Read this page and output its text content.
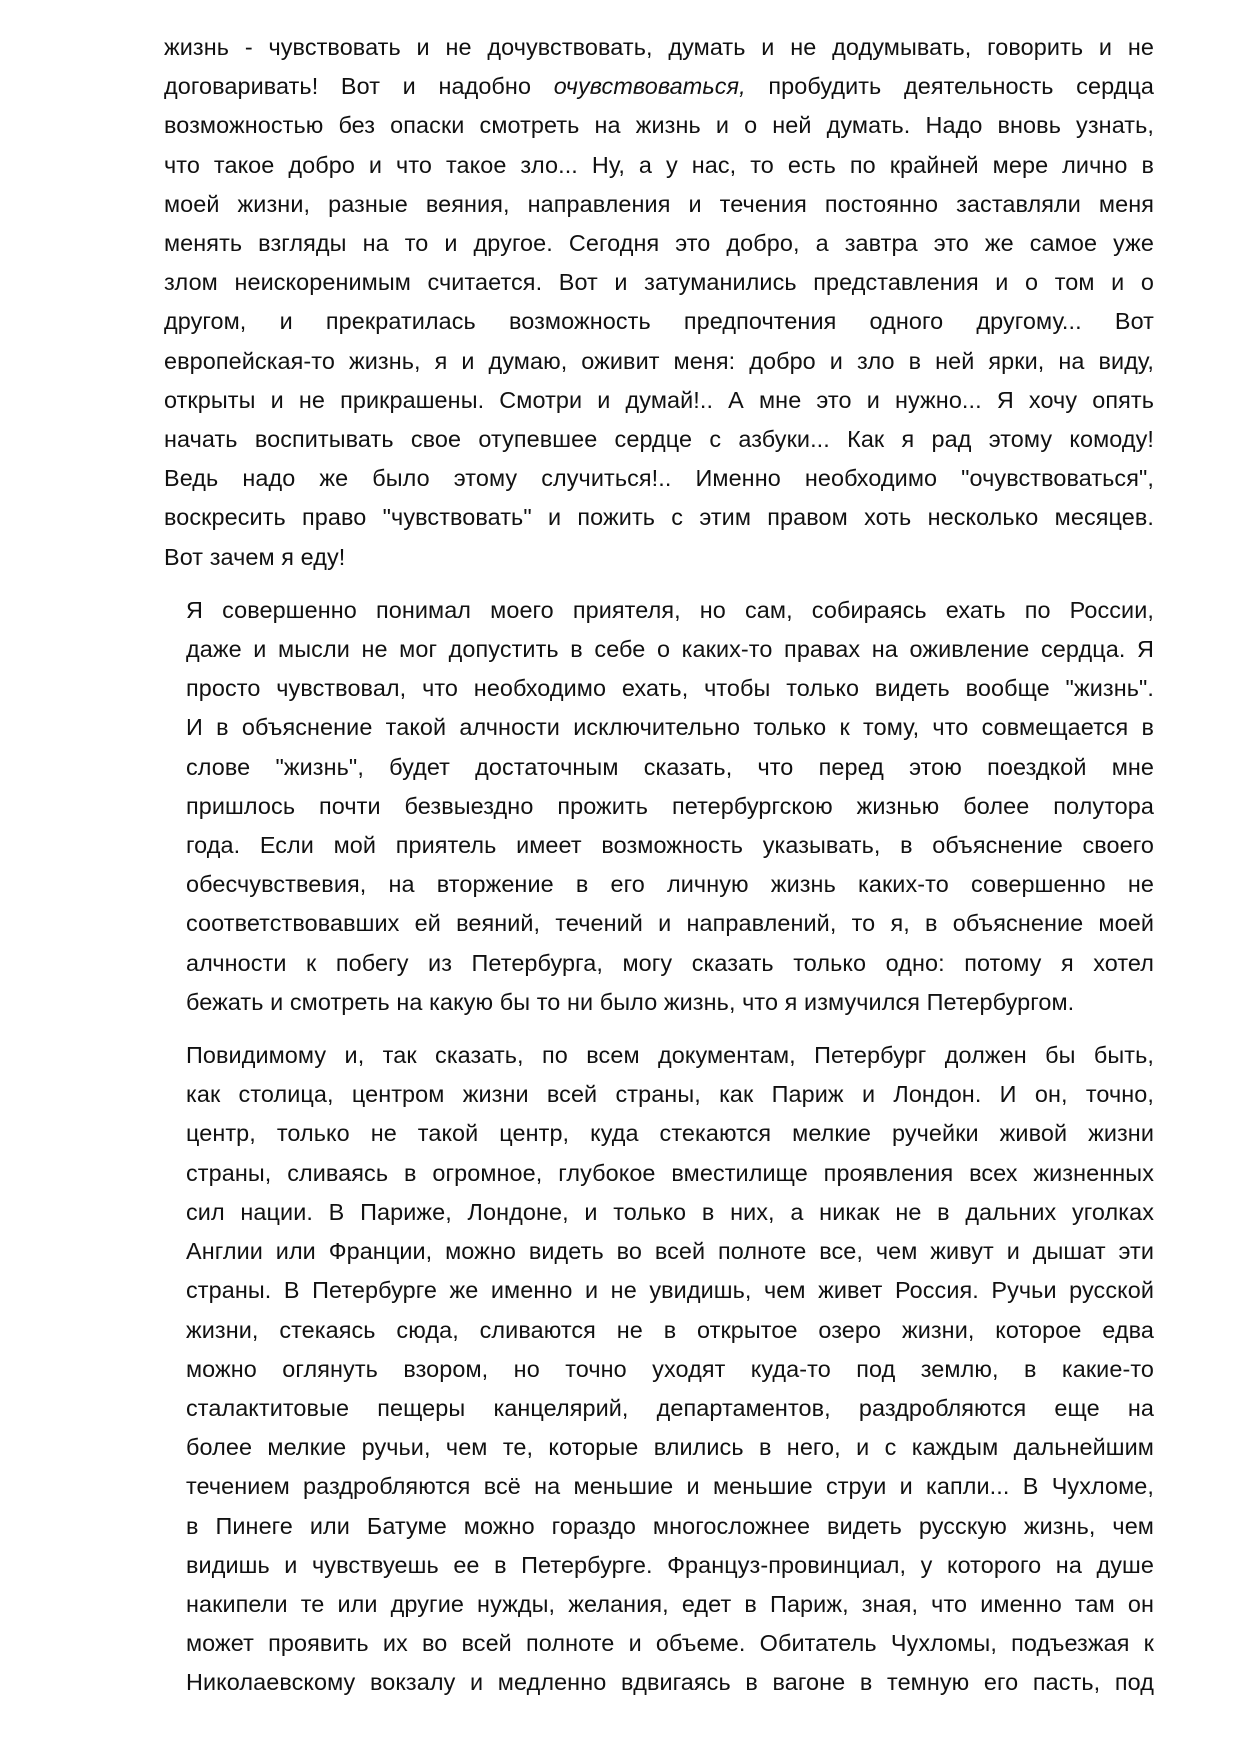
жизнь - чувствовать и не дочувствовать, думать и не додумывать, говорить и не
договаривать! Вот и надобно очувствоваться, пробудить деятельность сердца
возможностью без опаски смотреть на жизнь и о ней думать. Надо вновь узнать,
что такое добро и что такое зло... Ну, а у нас, то есть по крайней мере лично в
моей жизни, разные веяния, направления и течения постоянно заставляли меня
менять взгляды на то и другое. Сегодня это добро, а завтра это же самое уже
злом неискоренимым считается. Вот и затуманились представления и о том и о
другом, и прекратилась возможность предпочтения одного другому... Вот
европейская-то жизнь, я и думаю, оживит меня: добро и зло в ней ярки, на виду,
открыты и не прикрашены. Смотри и думай!.. А мне это и нужно... Я хочу опять
начать воспитывать свое отупевшее сердце с азбуки... Как я рад этому комоду!
Ведь надо же было этому случиться!.. Именно необходимо "очувствоваться",
воскресить право "чувствовать" и пожить с этим правом хоть несколько месяцев.
Вот зачем я еду!
Я совершенно понимал моего приятеля, но сам, собираясь ехать по России,
даже и мысли не мог допустить в себе о каких-то правах на оживление сердца. Я
просто чувствовал, что необходимо ехать, чтобы только видеть вообще "жизнь".
И в объяснение такой алчности исключительно только к тому, что совмещается в
слове "жизнь", будет достаточным сказать, что перед этою поездкой мне
пришлось почти безвыездно прожить петербургскою жизнью более полутора
года. Если мой приятель имеет возможность указывать, в объяснение своего
обесчувствевия, на вторжение в его личную жизнь каких-то совершенно не
соответствовавших ей веяний, течений и направлений, то я, в объяснение моей
алчности к побегу из Петербурга, могу сказать только одно: потому я хотел
бежать и смотреть на какую бы то ни было жизнь, что я измучился Петербургом.
Повидимому и, так сказать, по всем документам, Петербург должен бы быть,
как столица, центром жизни всей страны, как Париж и Лондон. И он, точно,
центр, только не такой центр, куда стекаются мелкие ручейки живой жизни
страны, сливаясь в огромное, глубокое вместилище проявления всех жизненных
сил нации. В Париже, Лондоне, и только в них, а никак не в дальних уголках
Англии или Франции, можно видеть во всей полноте все, чем живут и дышат эти
страны. В Петербурге же именно и не увидишь, чем живет Россия. Ручьи русской
жизни, стекаясь сюда, сливаются не в открытое озеро жизни, которое едва
можно оглянуть взором, но точно уходят куда-то под землю, в какие-то
сталактитовые пещеры канцелярий, департаментов, раздробляются еще на
более мелкие ручьи, чем те, которые влились в него, и с каждым дальнейшим
течением раздробляются всё на меньшие и меньшие струи и капли... В Чухломе,
в Пинеге или Батуме можно гораздо многосложнее видеть русскую жизнь, чем
видишь и чувствуешь ее в Петербурге. Француз-провинциал, у которого на душе
накипели те или другие нужды, желания, едет в Париж, зная, что именно там он
может проявить их во всей полноте и объеме. Обитатель Чухломы, подъезжая к
Николаевскому вокзалу и медленно вдвигаясь в вагоне в темную его пасть, под
